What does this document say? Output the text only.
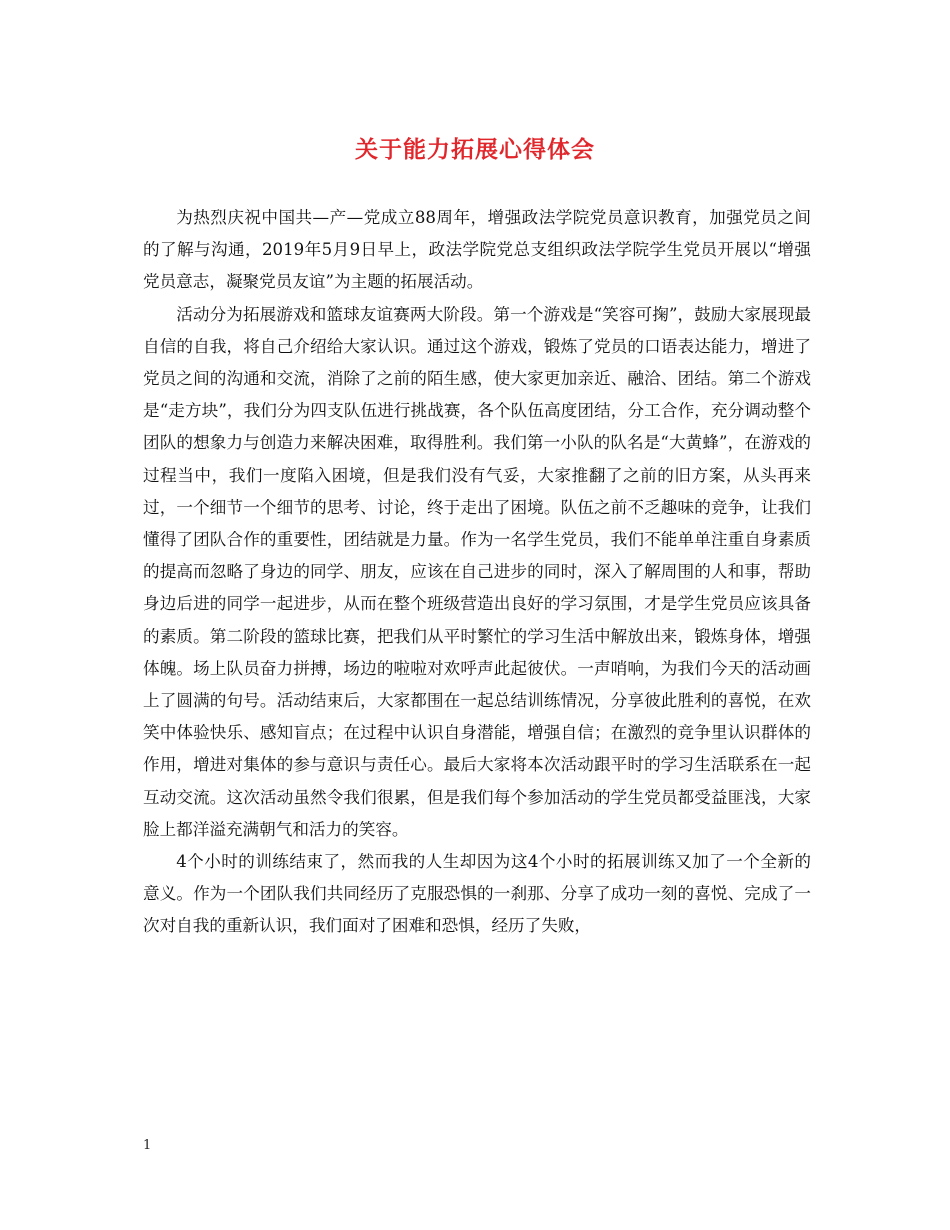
关于能力拓展心得体会

为热烈庆祝中国共—产—党成立88周年，增强政法学院党员意识教育，加强党员之间的了解与沟通，2019年5月9日早上，政法学院党总支组织政法学院学生党员开展以“增强党员意志，凝聚党员友谊”为主题的拓展活动。

活动分为拓展游戏和篮球友谊赛两大阶段。第一个游戏是“笑容可掬”，鼓励大家展现最自信的自我，将自己介绍给大家认识。通过这个游戏，锻炼了党员的口语表达能力，增进了党员之间的沟通和交流，消除了之前的陌生感，使大家更加亲近、融洽、团结。第二个游戏是“走方块”，我们分为四支队伍进行挑战赛，各个队伍高度团结，分工合作，充分调动整个团队的想象力与创造力来解决困难，取得胜利。我们第一小队的队名是“大黄蜂”，在游戏的过程当中，我们一度陷入困境，但是我们没有气妥，大家推翻了之前的旧方案，从头再来过，一个细节一个细节的思考、讨论，终于走出了困境。队伍之前不乏趣味的竞争，让我们懂得了团队合作的重要性，团结就是力量。作为一名学生党员，我们不能单单注重自身素质的提高而忽略了身边的同学、朋友，应该在自己进步的同时，深入了解周围的人和事，帮助身边后进的同学一起进步，从而在整个班级营造出良好的学习氛围，才是学生党员应该具备的素质。第二阶段的篮球比赛，把我们从平时繁忙的学习生活中解放出来，锻炼身体，增强体魄。场上队员奋力拼搏，场边的啦啦对欢呼声此起彼伏。一声哨响，为我们今天的活动画上了圆满的句号。活动结束后，大家都围在一起总结训练情况，分享彼此胜利的喜悦，在欢笑中体验快乐、感知盲点；在过程中认识自身潜能，增强自信；在激烈的竞争里认识群体的作用，增进对集体的参与意识与责任心。最后大家将本次活动跟平时的学习生活联系在一起互动交流。这次活动虽然令我们很累，但是我们每个参加活动的学生党员都受益匪浅，大家脸上都洋溢充满朝气和活力的笑容。

4个小时的训练结束了，然而我的人生却因为这4个小时的拓展训练又加了一个全新的意义。作为一个团队我们共同经历了克服恐惧的一刹那、分享了成功一刻的喜悦、完成了一次对自我的重新认识，我们面对了困难和恐惧，经历了失败，

1
